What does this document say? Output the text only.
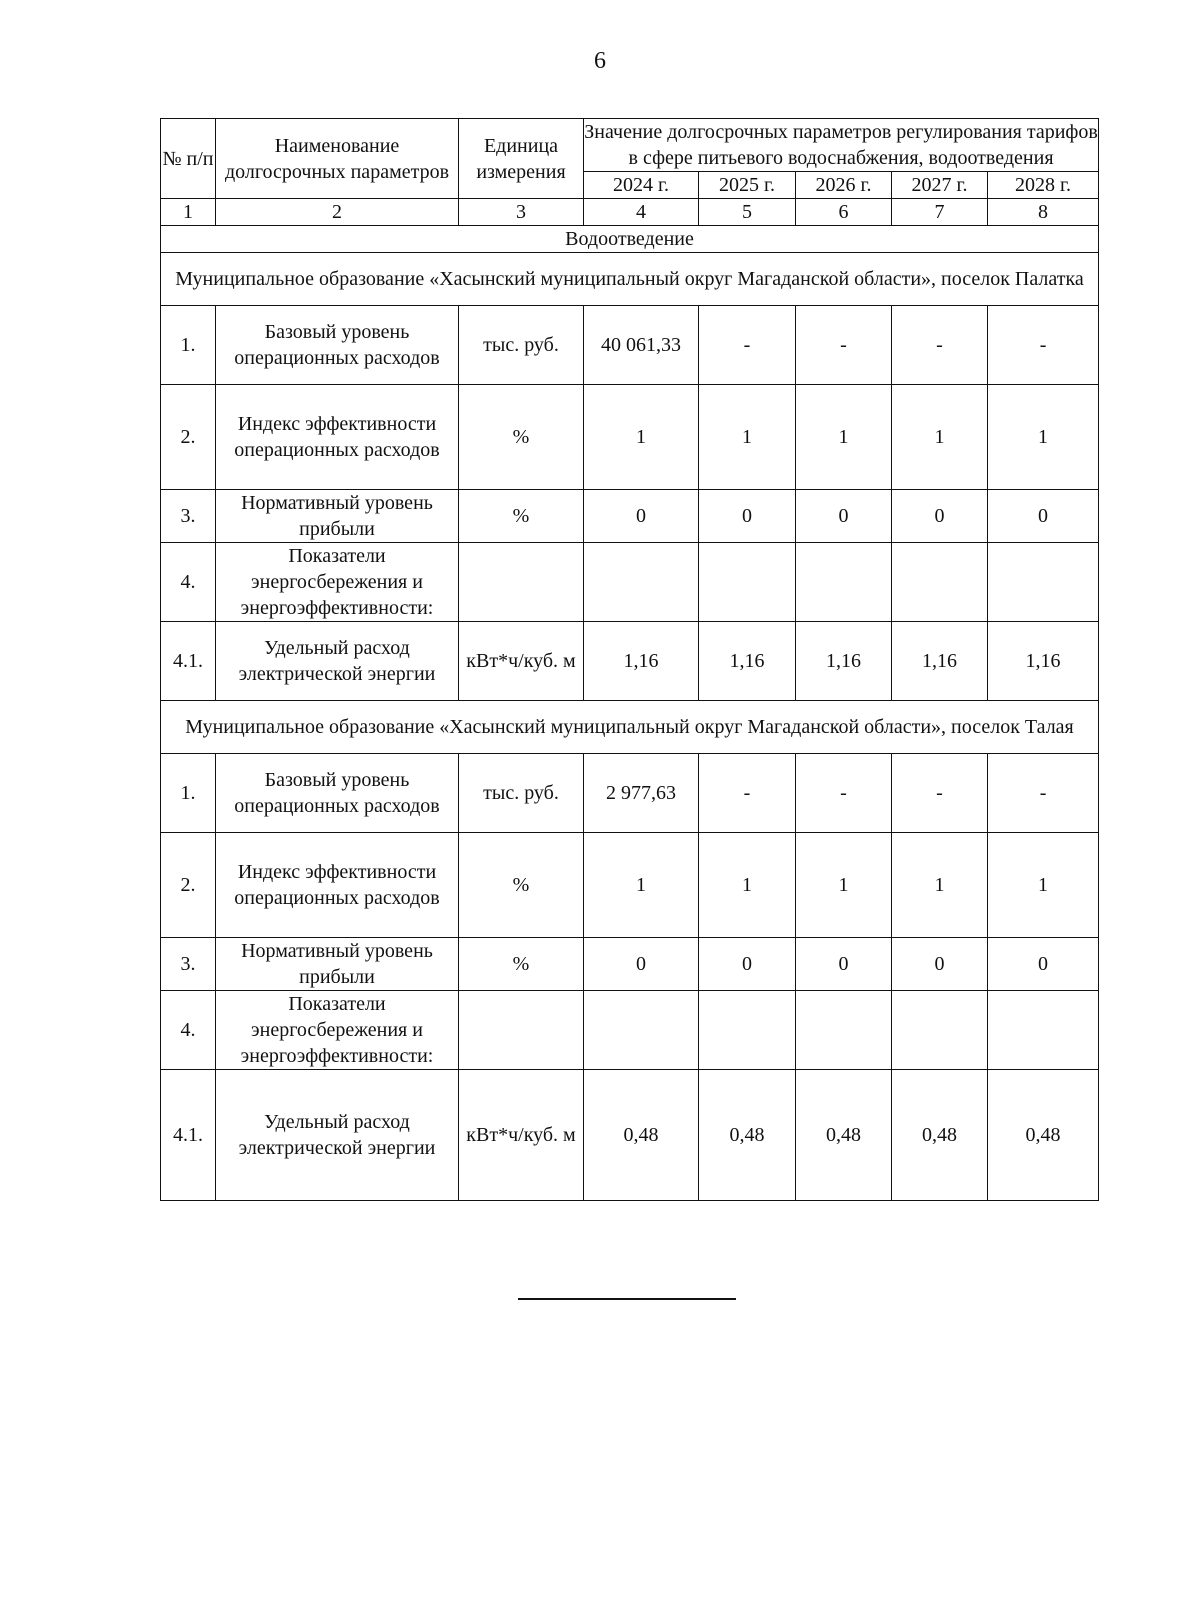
6
№ п/п	Наименование долгосрочных параметров	Единица измерения	Значение долгосрочных параметров регулирования тарифов в сфере питьевого водоснабжения, водоотведения				
			2024 г.	2025 г.	2026 г.	2027 г.	2028 г.
1	2	3	4	5	6	7	8
Водоотведение							
Муниципальное образование «Хасынский муниципальный округ Магаданской области», поселок Палатка							
1.	Базовый уровень операционных расходов	тыс. руб.	40 061,33	-	-	-	-
2.	Индекс эффективности операционных расходов	%	1	1	1	1	1
3.	Нормативный уровень прибыли	%	0	0	0	0	0
4.	Показатели энергосбережения и энергоэффективности:						
4.1.	Удельный расход электрической энергии	кВт*ч/куб. м	1,16	1,16	1,16	1,16	1,16
Муниципальное образование «Хасынский муниципальный округ Магаданской области», поселок Талая							
1.	Базовый уровень операционных расходов	тыс. руб.	2 977,63	-	-	-	-
2.	Индекс эффективности операционных расходов	%	1	1	1	1	1
3.	Нормативный уровень прибыли	%	0	0	0	0	0
4.	Показатели энергосбережения и энергоэффективности:						
4.1.	Удельный расход электрической энергии	кВт*ч/куб. м	0,48	0,48	0,48	0,48	0,48
